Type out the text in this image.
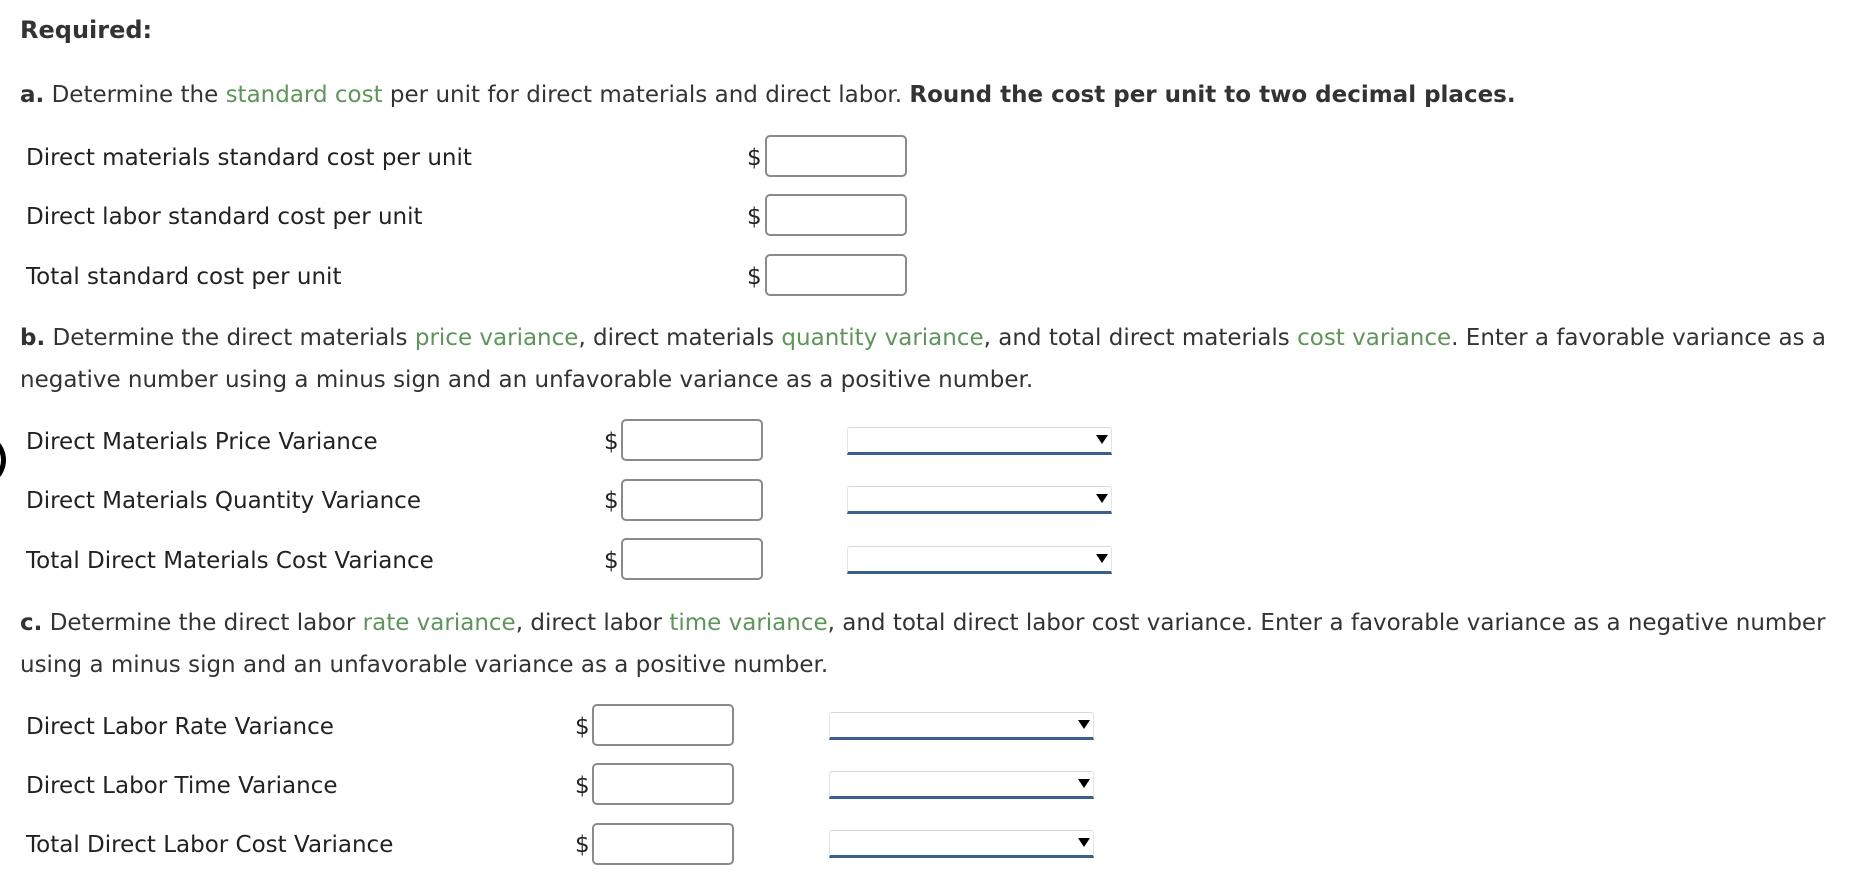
Required:
a. Determine the standard cost per unit for direct materials and direct labor. Round the cost per unit to two decimal places.
Direct materials standard cost per unit	$
Direct labor standard cost per unit	$
Total standard cost per unit	$
b. Determine the direct materials price variance, direct materials quantity variance, and total direct materials cost variance. Enter a favorable variance as a negative number using a minus sign and an unfavorable variance as a positive number.
Direct Materials Price Variance	$
Direct Materials Quantity Variance	$
Total Direct Materials Cost Variance	$
c. Determine the direct labor rate variance, direct labor time variance, and total direct labor cost variance. Enter a favorable variance as a negative number using a minus sign and an unfavorable variance as a positive number.
Direct Labor Rate Variance	$
Direct Labor Time Variance	$
Total Direct Labor Cost Variance	$
